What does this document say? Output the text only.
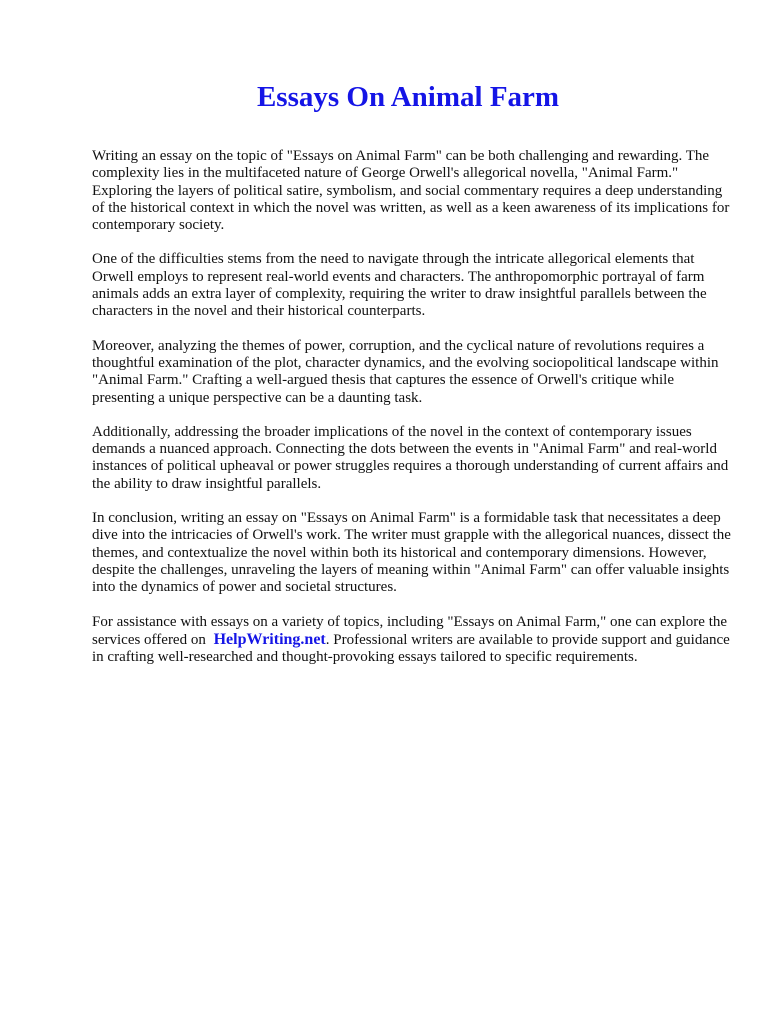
Essays On Animal Farm

Writing an essay on the topic of "Essays on Animal Farm" can be both challenging and rewarding. The complexity lies in the multifaceted nature of George Orwell's allegorical novella, "Animal Farm." Exploring the layers of political satire, symbolism, and social commentary requires a deep understanding of the historical context in which the novel was written, as well as a keen awareness of its implications for contemporary society.

One of the difficulties stems from the need to navigate through the intricate allegorical elements that Orwell employs to represent real-world events and characters. The anthropomorphic portrayal of farm animals adds an extra layer of complexity, requiring the writer to draw insightful parallels between the characters in the novel and their historical counterparts.

Moreover, analyzing the themes of power, corruption, and the cyclical nature of revolutions requires a thoughtful examination of the plot, character dynamics, and the evolving sociopolitical landscape within "Animal Farm." Crafting a well-argued thesis that captures the essence of Orwell's critique while presenting a unique perspective can be a daunting task.

Additionally, addressing the broader implications of the novel in the context of contemporary issues demands a nuanced approach. Connecting the dots between the events in "Animal Farm" and real-world instances of political upheaval or power struggles requires a thorough understanding of current affairs and the ability to draw insightful parallels.

In conclusion, writing an essay on "Essays on Animal Farm" is a formidable task that necessitates a deep dive into the intricacies of Orwell's work. The writer must grapple with the allegorical nuances, dissect the themes, and contextualize the novel within both its historical and contemporary dimensions. However, despite the challenges, unraveling the layers of meaning within "Animal Farm" can offer valuable insights into the dynamics of power and societal structures.

For assistance with essays on a variety of topics, including "Essays on Animal Farm," one can explore the services offered on HelpWriting.net. Professional writers are available to provide support and guidance in crafting well-researched and thought-provoking essays tailored to specific requirements.
